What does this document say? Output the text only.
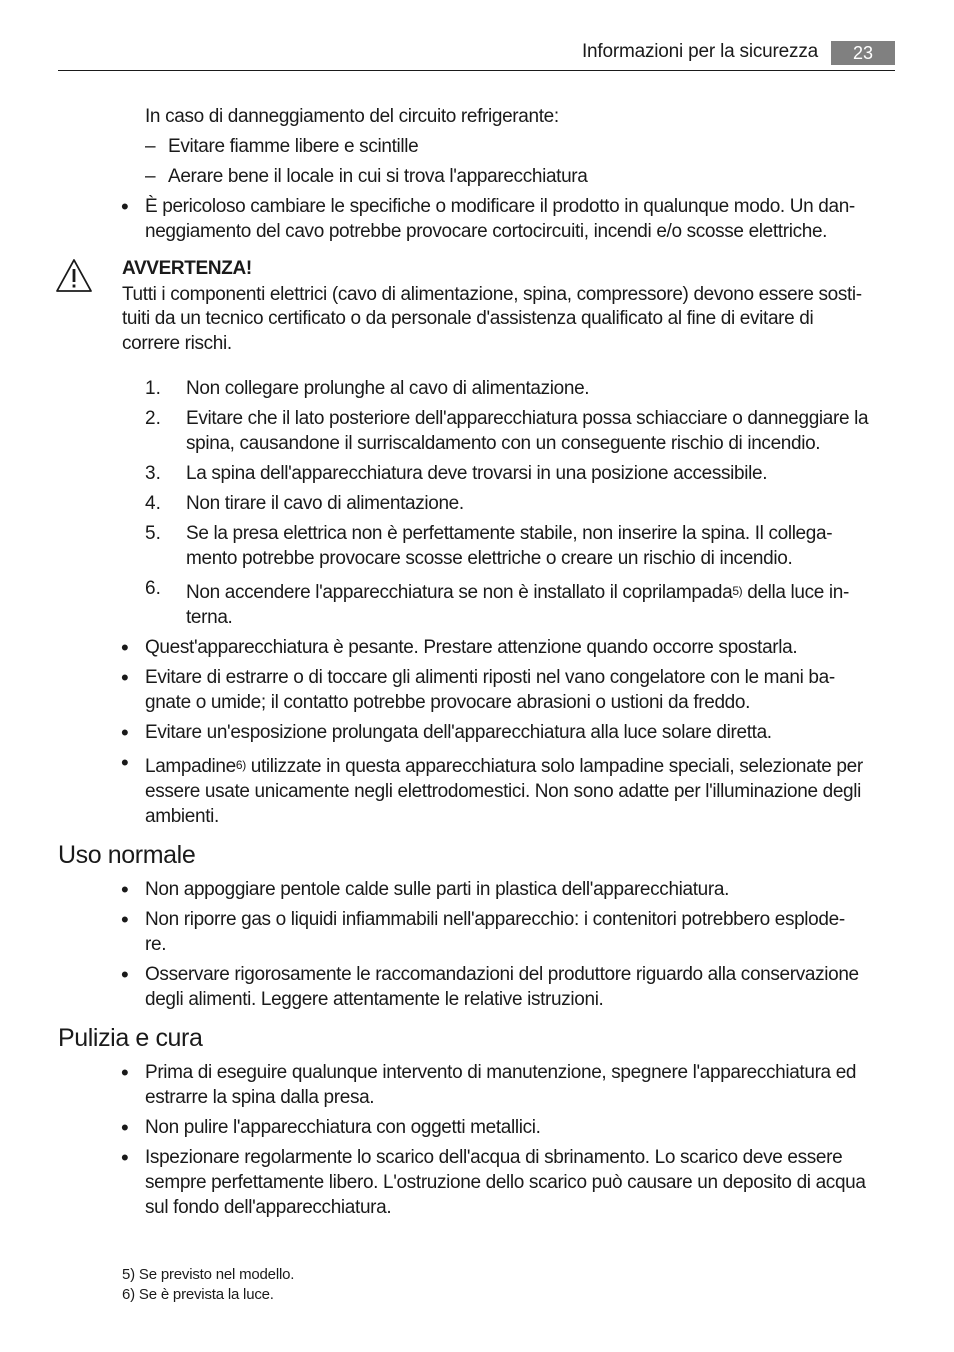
Informazioni per la sicurezza	23

In caso di danneggiamento del circuito refrigerante:

– Evitare fiamme libere e scintille

– Aerare bene il locale in cui si trova l'apparecchiatura

• È pericoloso cambiare le specifiche o modificare il prodotto in qualunque modo. Un dan-

neggiamento del cavo potrebbe provocare cortocircuiti, incendi e/o scosse elettriche.

AVVERTENZA!

Tutti i componenti elettrici (cavo di alimentazione, spina, compressore) devono essere sosti-

tuiti da un tecnico certificato o da personale d'assistenza qualificato al fine di evitare di

correre rischi.

1. Non collegare prolunghe al cavo di alimentazione.

2. Evitare che il lato posteriore dell'apparecchiatura possa schiacciare o danneggiare la

spina, causandone il surriscaldamento con un conseguente rischio di incendio.

3. La spina dell'apparecchiatura deve trovarsi in una posizione accessibile.

4. Non tirare il cavo di alimentazione.

5. Se la presa elettrica non è perfettamente stabile, non inserire la spina. Il collega-

mento potrebbe provocare scosse elettriche o creare un rischio di incendio.

6. Non accendere l'apparecchiatura se non è installato il coprilampada$^{5)}$ della luce in-

terna.

• Quest'apparecchiatura è pesante. Prestare attenzione quando occorre spostarla.

• Evitare di estrarre o di toccare gli alimenti riposti nel vano congelatore con le mani ba-

gnate o umide; il contatto potrebbe provocare abrasioni o ustioni da freddo.

• Evitare un'esposizione prolungata dell'apparecchiatura alla luce solare diretta.

• Lampadine$^{6)}$ utilizzate in questa apparecchiatura solo lampadine speciali, selezionate per

essere usate unicamente negli elettrodomestici. Non sono adatte per l'illuminazione degli

ambienti.

Uso normale
• Non appoggiare pentole calde sulle parti in plastica dell'apparecchiatura.

• Non riporre gas o liquidi infiammabili nell'apparecchio: i contenitori potrebbero esplode-

re.

• Osservare rigorosamente le raccomandazioni del produttore riguardo alla conservazione

degli alimenti. Leggere attentamente le relative istruzioni.

Pulizia e cura
• Prima di eseguire qualunque intervento di manutenzione, spegnere l'apparecchiatura ed

estrarre la spina dalla presa.

• Non pulire l'apparecchiatura con oggetti metallici.

• Ispezionare regolarmente lo scarico dell'acqua di sbrinamento. Lo scarico deve essere

sempre perfettamente libero. L'ostruzione dello scarico può causare un deposito di acqua

sul fondo dell'apparecchiatura.

5) Se previsto nel modello.
6) Se è prevista la luce.
